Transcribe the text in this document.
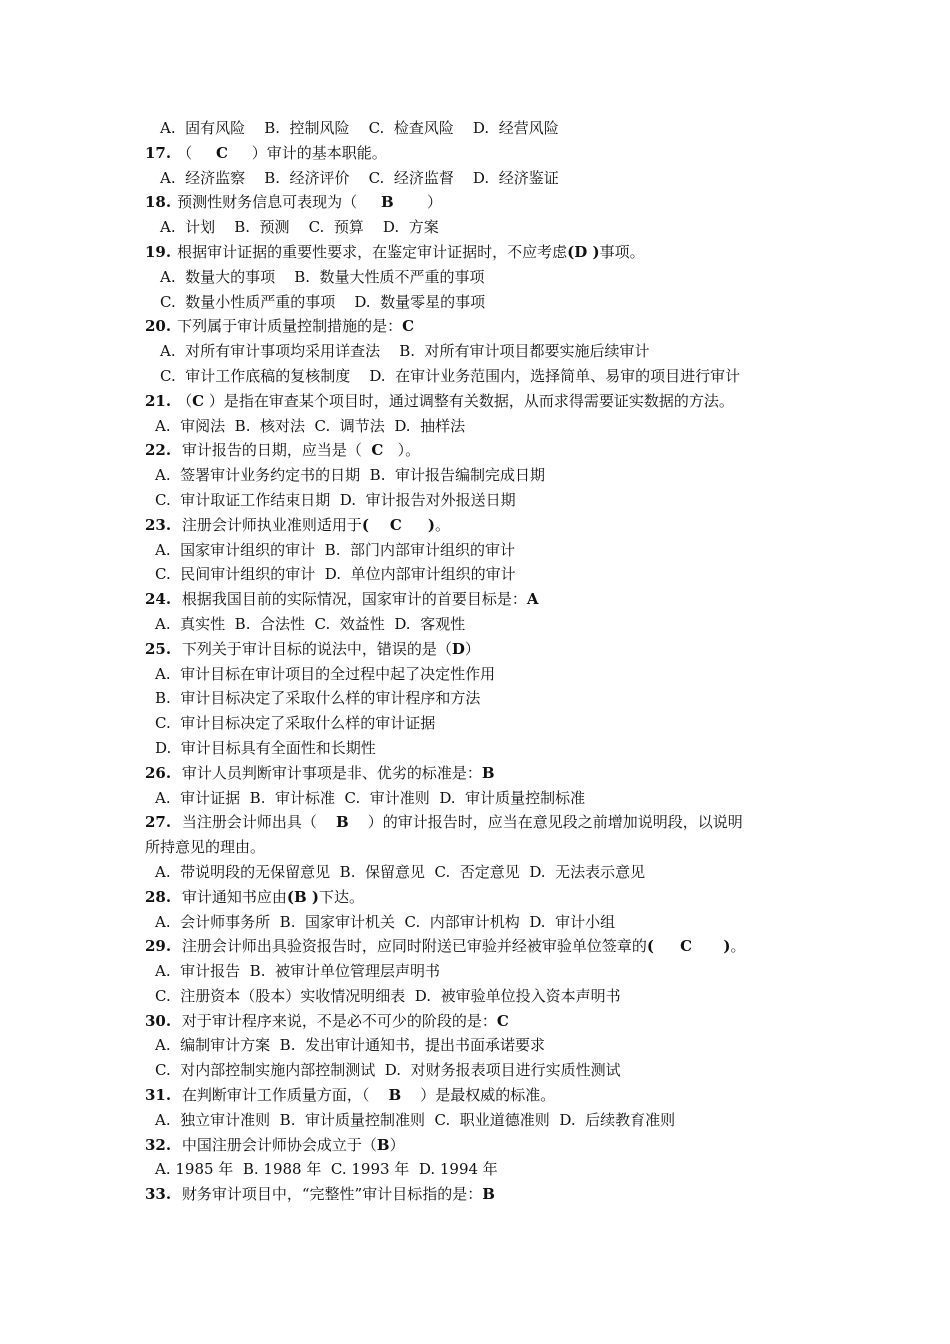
A.  固有风险    B.  控制风险    C.  检查风险    D.  经营风险
17. （     C     ）审计的基本职能。
A.  经济监察    B.  经济评价    C.  经济监督    D.  经济鉴证
18. 预测性财务信息可表现为（     B       ）
A.  计划    B.  预测    C.  预算    D.  方案
19. 根据审计证据的重要性要求，在鉴定审计证据时，不应考虑(D )事项。
A.  数量大的事项    B.  数量大性质不严重的事项
C.  数量小性质严重的事项    D.  数量零星的事项
20. 下列属于审计质量控制措施的是：C
A.  对所有审计事项均采用详查法    B.  对所有审计项目都要实施后续审计
C.  审计工作底稿的复核制度    D.  在审计业务范围内，选择简单、易审的项目进行审计
21. （C ）是指在审查某个项目时，通过调整有关数据，从而求得需要证实数据的方法。
A.  审阅法  B.  核对法  C.  调节法  D.  抽样法
22. 审计报告的日期，应当是（  C   ）。
A.  签署审计业务约定书的日期  B.  审计报告编制完成日期
C.  审计取证工作结束日期  D.  审计报告对外报送日期
23. 注册会计师执业准则适用于(    C     )。
A.  国家审计组织的审计  B.  部门内部审计组织的审计
C.  民间审计组织的审计  D.  单位内部审计组织的审计
24. 根据我国目前的实际情况，国家审计的首要目标是：A
A.  真实性  B.  合法性  C.  效益性  D.  客观性
25. 下列关于审计目标的说法中，错误的是（D）
A.  审计目标在审计项目的全过程中起了决定性作用
B.  审计目标决定了采取什么样的审计程序和方法
C.  审计目标决定了采取什么样的审计证据
D.  审计目标具有全面性和长期性
26. 审计人员判断审计事项是非、优劣的标准是：B
A.  审计证据  B.  审计标准  C.  审计准则  D.  审计质量控制标准
27. 当注册会计师出具（    B    ）的审计报告时，应当在意见段之前增加说明段，以说明
所持意见的理由。
A.  带说明段的无保留意见  B.  保留意见  C.  否定意见  D.  无法表示意见
28. 审计通知书应由(B )下达。
A.  会计师事务所  B.  国家审计机关  C.  内部审计机构  D.  审计小组
29. 注册会计师出具验资报告时，应同时附送已审验并经被审验单位签章的(     C      )。
A.  审计报告  B.  被审计单位管理层声明书
C.  注册资本（股本）实收情况明细表  D.  被审验单位投入资本声明书
30. 对于审计程序来说，不是必不可少的阶段的是：C
A.  编制审计方案  B.  发出审计通知书，提出书面承诺要求
C.  对内部控制实施内部控制测试  D.  对财务报表项目进行实质性测试
31. 在判断审计工作质量方面，（    B    ）是最权威的标准。
A.  独立审计准则  B.  审计质量控制准则  C.  职业道德准则  D.  后续教育准则
32. 中国注册会计师协会成立于（B）
A. 1985 年  B. 1988 年  C. 1993 年  D. 1994 年
33. 财务审计项目中，“完整性”审计目标指的是：B
